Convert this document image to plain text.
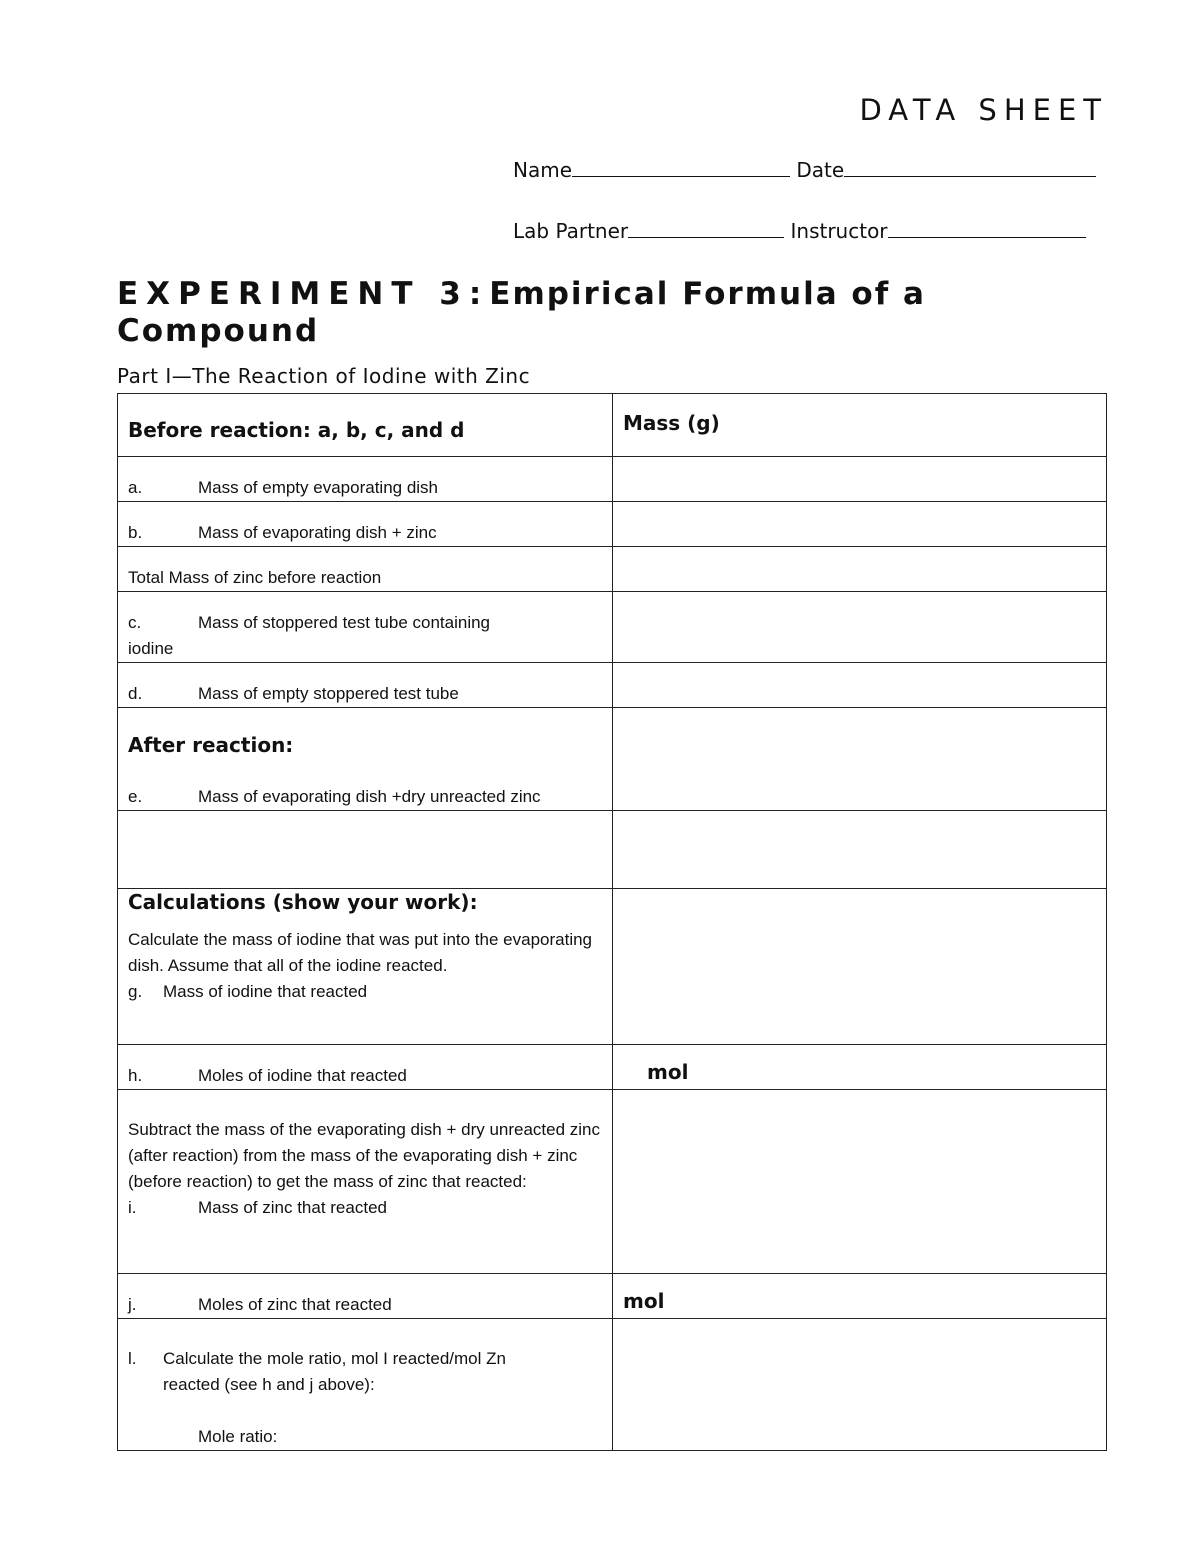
DATA SHEET
Name	Date
Lab Partner	Instructor
EXPERIMENT 3:Empirical Formula of a Compound
Part I—The Reaction of Iodine with Zinc
Before reaction: a, b, c, and d	Mass (g)
a. Mass of empty evaporating dish	
b. Mass of evaporating dish + zinc	
Total Mass of zinc before reaction	
c. Mass of stoppered test tube containing
iodine	
d. Mass of empty stoppered test tube	

After reaction:
e. Mass of evaporating dish +dry unreacted zinc	

Calculations (show your work):
Calculate the mass of iodine that was put into the evaporating dish. Assume that all of the iodine reacted.
g. Mass of iodine that reacted	

h. Moles of iodine that reacted	mol

Subtract the mass of the evaporating dish + dry unreacted zinc (after reaction) from the mass of the evaporating dish + zinc (before reaction) to get the mass of zinc that reacted:
i. Mass of zinc that reacted	

j. Moles of zinc that reacted	mol

l. Calculate the mole ratio, mol I reacted/mol Zn
reacted (see h and j above):
Mole ratio:	
